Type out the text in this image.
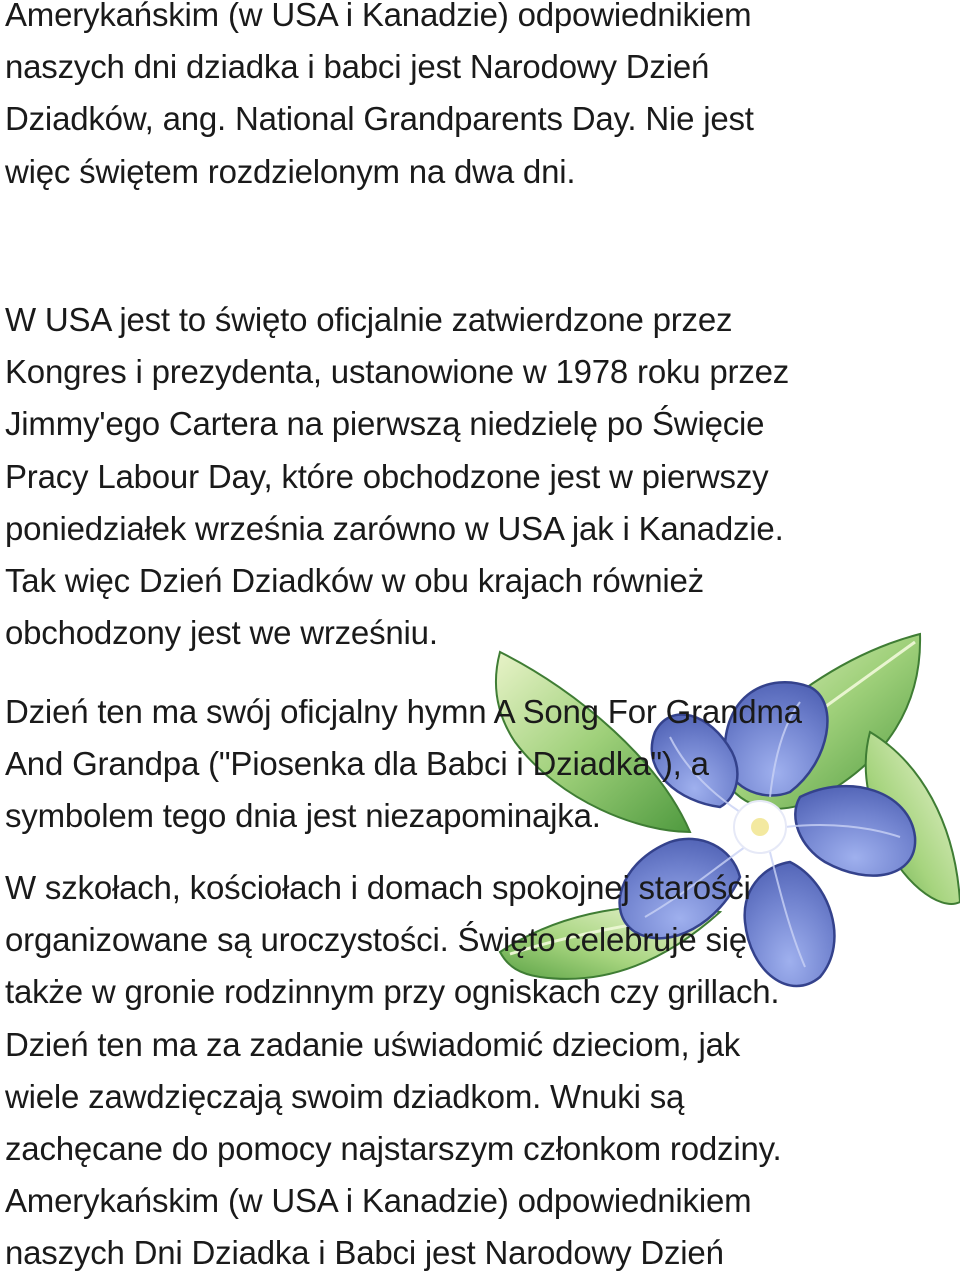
Amerykańskim (w USA i Kanadzie) odpowiednikiem
naszych dni dziadka i babci jest Narodowy Dzień
Dziadków, ang. National Grandparents Day. Nie jest
więc świętem rozdzielonym na dwa dni.

W USA jest to święto oficjalnie zatwierdzone przez
Kongres i prezydenta, ustanowione w 1978 roku przez
Jimmy'ego Cartera na pierwszą niedzielę po Święcie
Pracy Labour Day, które obchodzone jest w pierwszy
poniedziałek września zarówno w USA jak i Kanadzie.
Tak więc Dzień Dziadków w obu krajach również
obchodzony jest we wrześniu.

Dzień ten ma swój oficjalny hymn A Song For Grandma
And Grandpa ("Piosenka dla Babci i Dziadka"), a
symbolem tego dnia jest niezapominajka.

W szkołach, kościołach i domach spokojnej starości
organizowane są uroczystości. Święto celebruje się
także w gronie rodzinnym przy ogniskach czy grillach.
Dzień ten ma za zadanie uświadomić dzieciom, jak
wiele zawdzięczają swoim dziadkom. Wnuki są
zachęcane do pomocy najstarszym członkom rodziny.
Amerykańskim (w USA i Kanadzie) odpowiednikiem
naszych Dni Dziadka i Babci jest Narodowy Dzień
